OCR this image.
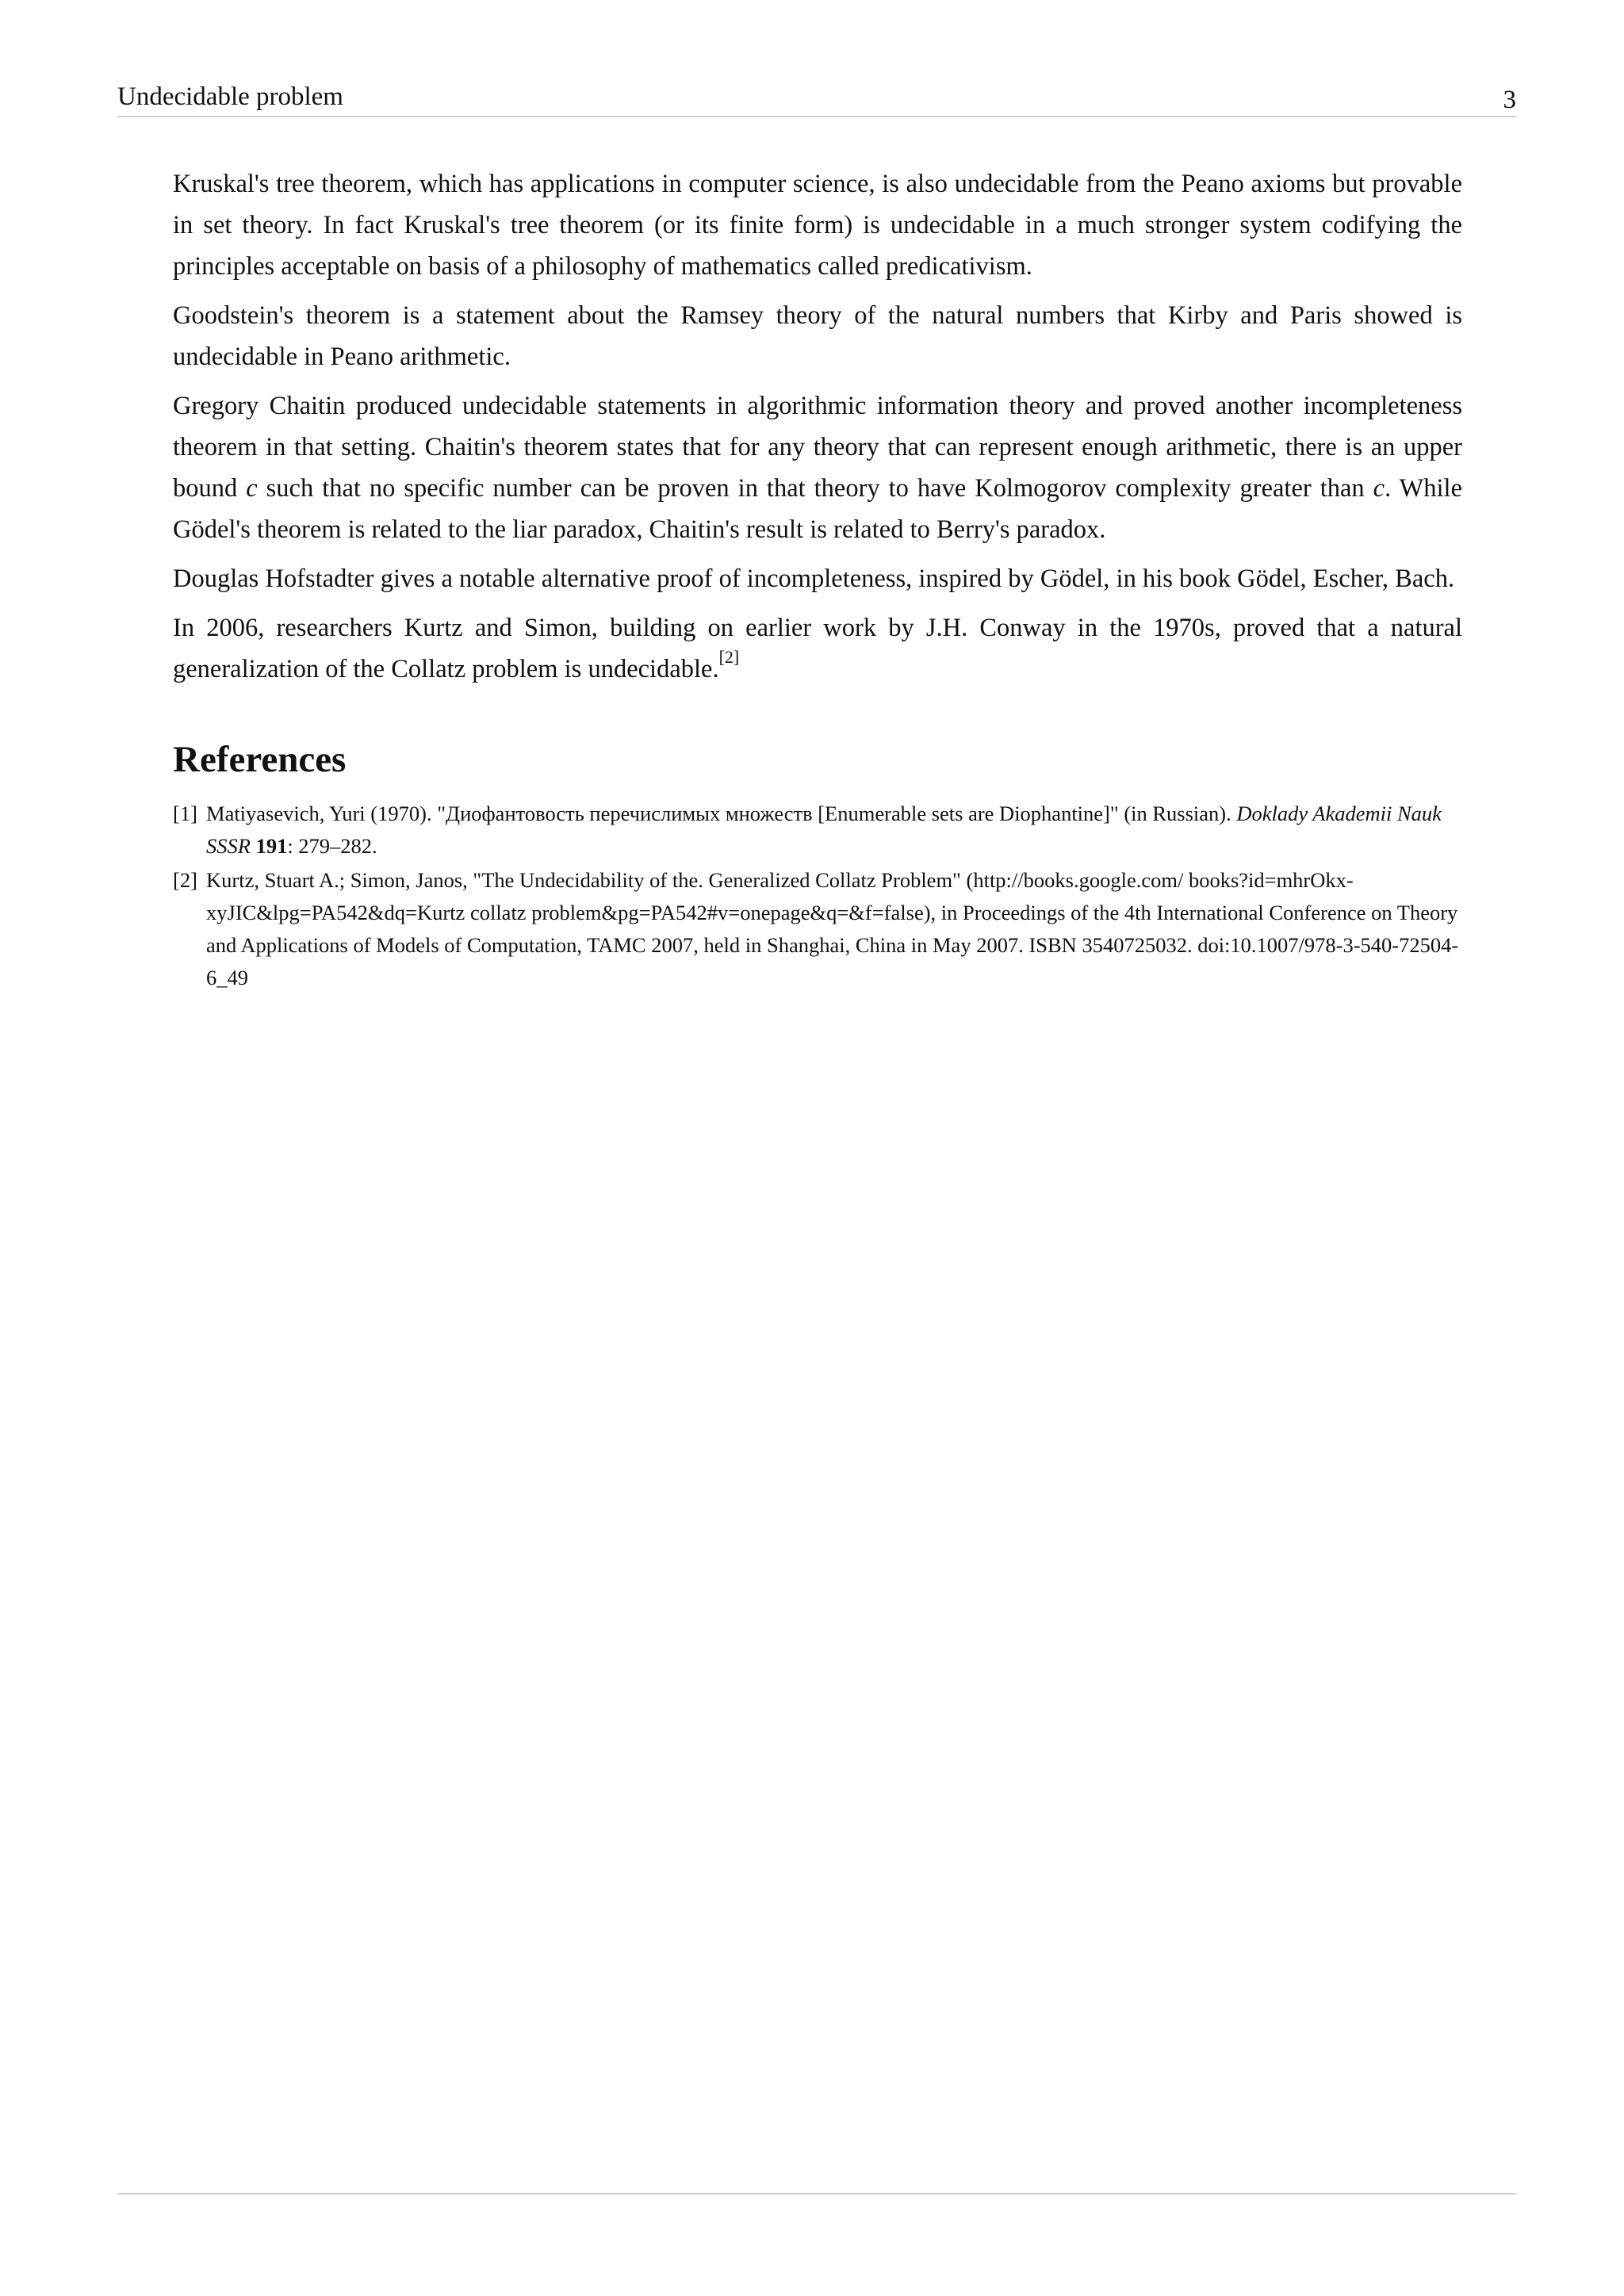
Undecidable problem	3

Kruskal's tree theorem, which has applications in computer science, is also undecidable from the Peano axioms but provable in set theory. In fact Kruskal's tree theorem (or its finite form) is undecidable in a much stronger system codifying the principles acceptable on basis of a philosophy of mathematics called predicativism.

Goodstein's theorem is a statement about the Ramsey theory of the natural numbers that Kirby and Paris showed is undecidable in Peano arithmetic.

Gregory Chaitin produced undecidable statements in algorithmic information theory and proved another incompleteness theorem in that setting. Chaitin's theorem states that for any theory that can represent enough arithmetic, there is an upper bound c such that no specific number can be proven in that theory to have Kolmogorov complexity greater than c. While Gödel's theorem is related to the liar paradox, Chaitin's result is related to Berry's paradox.

Douglas Hofstadter gives a notable alternative proof of incompleteness, inspired by Gödel, in his book Gödel, Escher, Bach.

In 2006, researchers Kurtz and Simon, building on earlier work by J.H. Conway in the 1970s, proved that a natural generalization of the Collatz problem is undecidable.[2]

References
[1] Matiyasevich, Yuri (1970). "Диофантовость перечислимых множеств [Enumerable sets are Diophantine]" (in Russian). Doklady Akademii Nauk SSSR 191: 279–282.
[2] Kurtz, Stuart A.; Simon, Janos, "The Undecidability of the. Generalized Collatz Problem" (http://books.google.com/ books?id=mhrOkx-xyJIC&lpg=PA542&dq=Kurtz collatz problem&pg=PA542#v=onepage&q=&f=false), in Proceedings of the 4th International Conference on Theory and Applications of Models of Computation, TAMC 2007, held in Shanghai, China in May 2007. ISBN 3540725032. doi:10.1007/978-3-540-72504-6_49
